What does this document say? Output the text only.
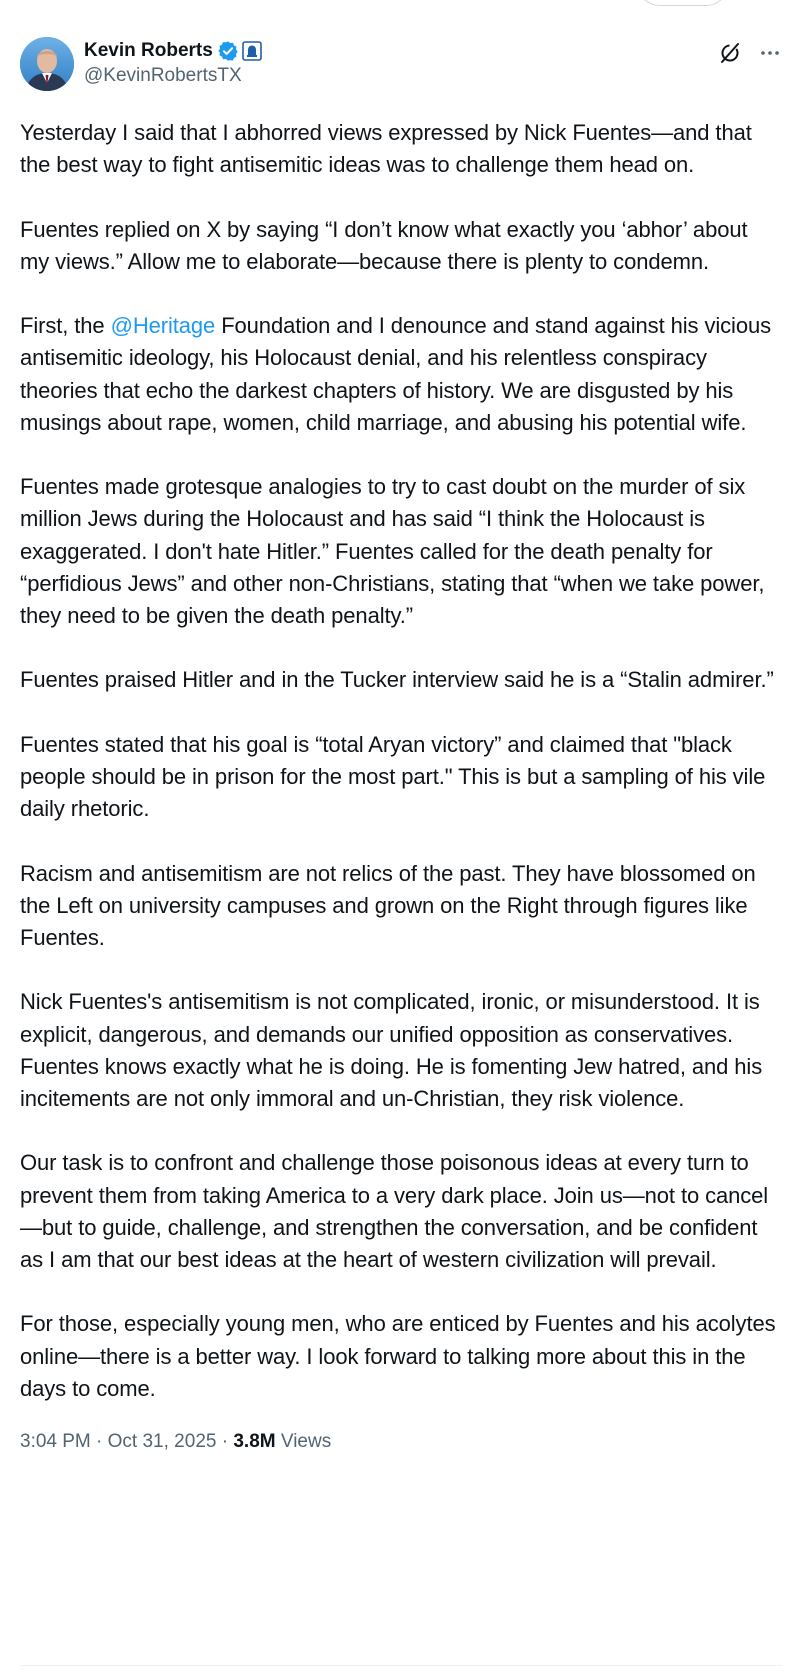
Kevin Roberts
@KevinRobertsTX

Yesterday I said that I abhorred views expressed by Nick Fuentes—and that the best way to fight antisemitic ideas was to challenge them head on.

Fuentes replied on X by saying “I don’t know what exactly you ‘abhor’ about my views.” Allow me to elaborate—because there is plenty to condemn.

First, the @Heritage Foundation and I denounce and stand against his vicious antisemitic ideology, his Holocaust denial, and his relentless conspiracy theories that echo the darkest chapters of history. We are disgusted by his musings about rape, women, child marriage, and abusing his potential wife.

Fuentes made grotesque analogies to try to cast doubt on the murder of six million Jews during the Holocaust and has said “I think the Holocaust is exaggerated. I don't hate Hitler.” Fuentes called for the death penalty for “perfidious Jews” and other non-Christians, stating that “when we take power, they need to be given the death penalty.”

Fuentes praised Hitler and in the Tucker interview said he is a “Stalin admirer.”

Fuentes stated that his goal is “total Aryan victory” and claimed that "black people should be in prison for the most part." This is but a sampling of his vile daily rhetoric.

Racism and antisemitism are not relics of the past. They have blossomed on the Left on university campuses and grown on the Right through figures like Fuentes.

Nick Fuentes's antisemitism is not complicated, ironic, or misunderstood. It is explicit, dangerous, and demands our unified opposition as conservatives. Fuentes knows exactly what he is doing. He is fomenting Jew hatred, and his incitements are not only immoral and un-Christian, they risk violence.

Our task is to confront and challenge those poisonous ideas at every turn to prevent them from taking America to a very dark place. Join us—not to cancel—but to guide, challenge, and strengthen the conversation, and be confident as I am that our best ideas at the heart of western civilization will prevail.

For those, especially young men, who are enticed by Fuentes and his acolytes online—there is a better way. I look forward to talking more about this in the days to come.

3:04 PM · Oct 31, 2025 · 3.8M Views
